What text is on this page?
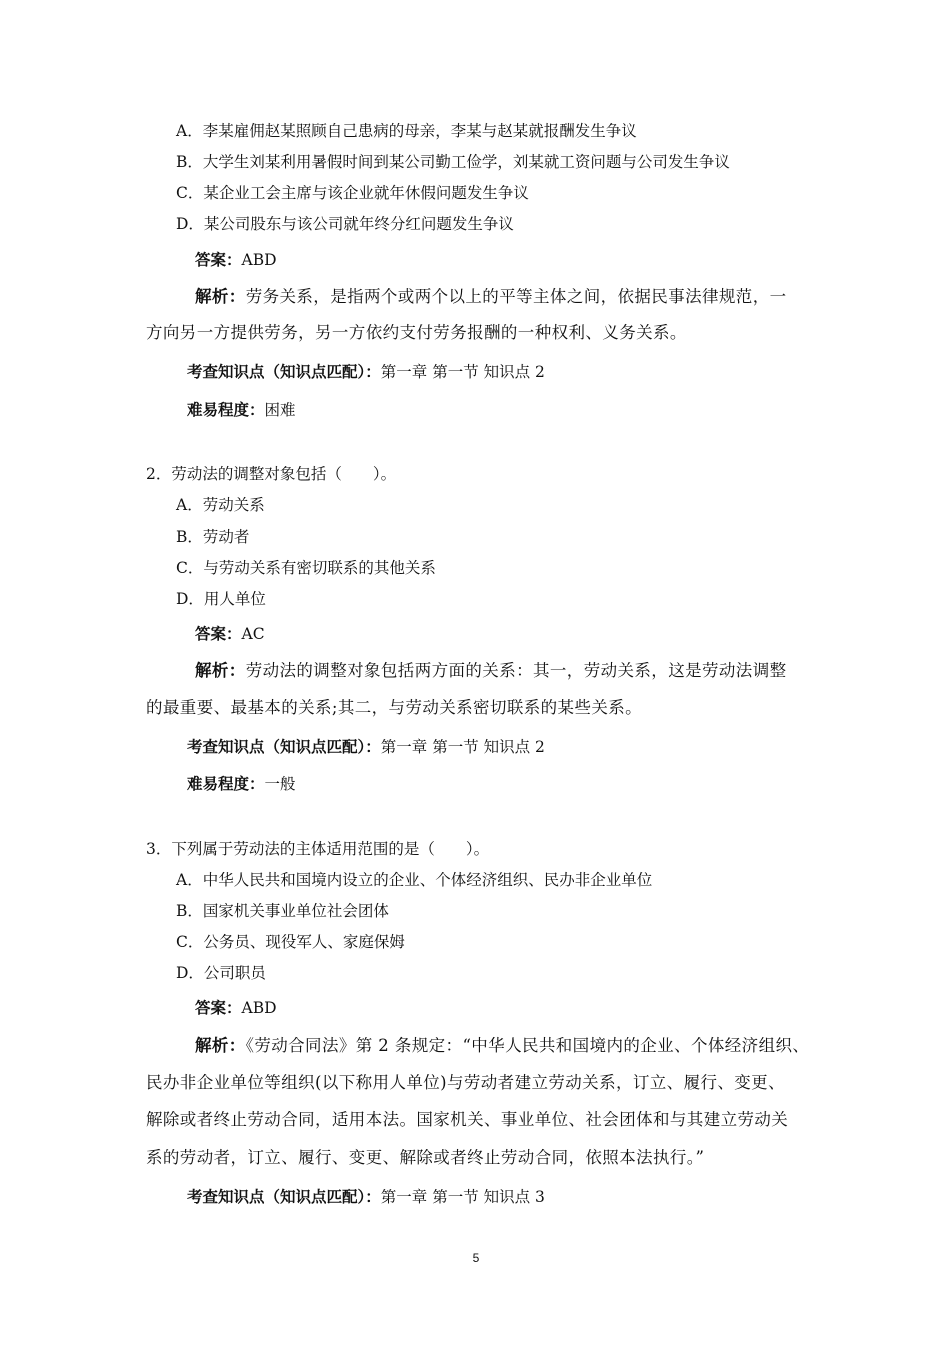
A．李某雇佣赵某照顾自己患病的母亲，李某与赵某就报酬发生争议
B．大学生刘某利用暑假时间到某公司勤工俭学，刘某就工资问题与公司发生争议
C．某企业工会主席与该企业就年休假问题发生争议
D．某公司股东与该公司就年终分红问题发生争议
答案：ABD
解析：劳务关系，是指两个或两个以上的平等主体之间，依据民事法律规范，一
方向另一方提供劳务，另一方依约支付劳务报酬的一种权利、义务关系。
考查知识点（知识点匹配）：第一章 第一节 知识点 2
难易程度：困难
2．劳动法的调整对象包括（　　）。
A．劳动关系
B．劳动者
C．与劳动关系有密切联系的其他关系
D．用人单位
答案：AC
解析：劳动法的调整对象包括两方面的关系：其一，劳动关系，这是劳动法调整
的最重要、最基本的关系;其二，与劳动关系密切联系的某些关系。
考查知识点（知识点匹配）：第一章 第一节 知识点 2
难易程度：一般
3．下列属于劳动法的主体适用范围的是（　　）。
A．中华人民共和国境内设立的企业、个体经济组织、民办非企业单位
B．国家机关事业单位社会团体
C．公务员、现役军人、家庭保姆
D．公司职员
答案：ABD
解析：《劳动合同法》第 2 条规定：“中华人民共和国境内的企业、个体经济组织、
民办非企业单位等组织(以下称用人单位)与劳动者建立劳动关系，订立、履行、变更、
解除或者终止劳动合同，适用本法。国家机关、事业单位、社会团体和与其建立劳动关
系的劳动者，订立、履行、变更、解除或者终止劳动合同，依照本法执行。”
考查知识点（知识点匹配）：第一章 第一节 知识点 3
5
